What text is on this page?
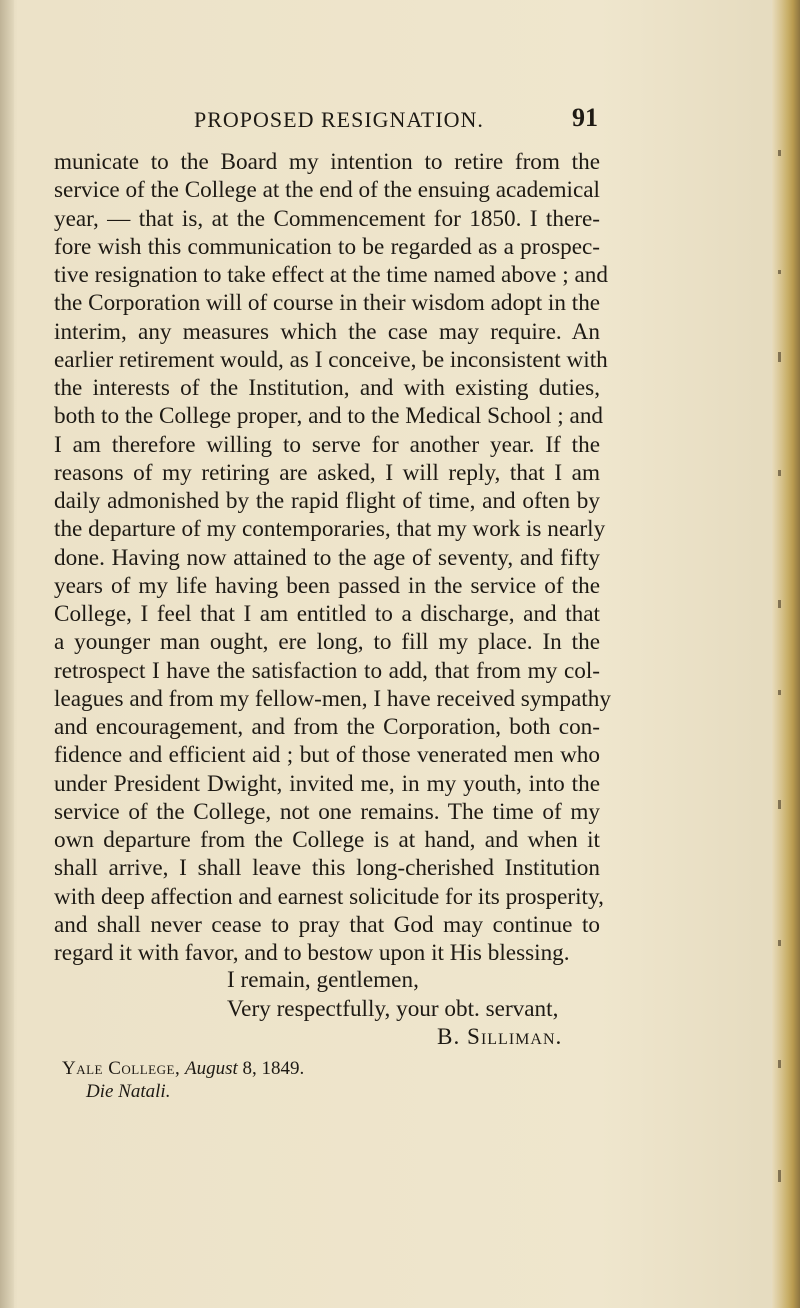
PROPOSED RESIGNATION.	91
municate to the Board my intention to retire from the
service of the College at the end of the ensuing academical
year, — that is, at the Commencement for 1850. I there-
fore wish this communication to be regarded as a prospec-
tive resignation to take effect at the time named above ; and
the Corporation will of course in their wisdom adopt in the
interim, any measures which the case may require. An
earlier retirement would, as I conceive, be inconsistent with
the interests of the Institution, and with existing duties,
both to the College proper, and to the Medical School ; and
I am therefore willing to serve for another year. If the
reasons of my retiring are asked, I will reply, that I am
daily admonished by the rapid flight of time, and often by
the departure of my contemporaries, that my work is nearly
done. Having now attained to the age of seventy, and fifty
years of my life having been passed in the service of the
College, I feel that I am entitled to a discharge, and that
a younger man ought, ere long, to fill my place. In the
retrospect I have the satisfaction to add, that from my col-
leagues and from my fellow-men, I have received sympathy
and encouragement, and from the Corporation, both con-
fidence and efficient aid ; but of those venerated men who
under President Dwight, invited me, in my youth, into the
service of the College, not one remains. The time of my
own departure from the College is at hand, and when it
shall arrive, I shall leave this long-cherished Institution
with deep affection and earnest solicitude for its prosperity,
and shall never cease to pray that God may continue to
regard it with favor, and to bestow upon it His blessing.
I remain, gentlemen,
Very respectfully, your obt. servant,
B. Silliman.
Yale College, August 8, 1849.
Die Natali.
